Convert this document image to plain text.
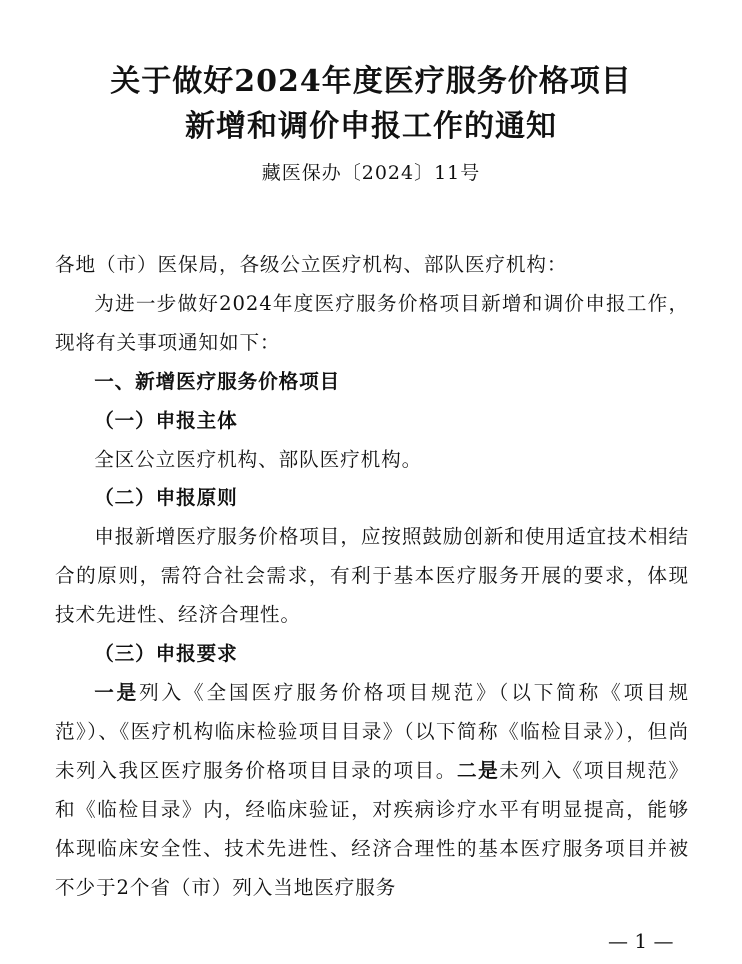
关于做好2024年度医疗服务价格项目
新增和调价申报工作的通知
藏医保办〔2024〕11号

各地（市）医保局，各级公立医疗机构、部队医疗机构：

为进一步做好2024年度医疗服务价格项目新增和调价申报工作，现将有关事项通知如下：

一、新增医疗服务价格项目

（一）申报主体

全区公立医疗机构、部队医疗机构。

（二）申报原则

申报新增医疗服务价格项目，应按照鼓励创新和使用适宜技术相结合的原则，需符合社会需求，有利于基本医疗服务开展的要求，体现技术先进性、经济合理性。

（三）申报要求

一是列入《全国医疗服务价格项目规范》（以下简称《项目规范》）、《医疗机构临床检验项目目录》（以下简称《临检目录》），但尚未列入我区医疗服务价格项目目录的项目。二是未列入《项目规范》和《临检目录》内，经临床验证，对疾病诊疗水平有明显提高，能够体现临床安全性、技术先进性、经济合理性的基本医疗服务项目并被不少于2个省（市）列入当地医疗服务

— 1 —
